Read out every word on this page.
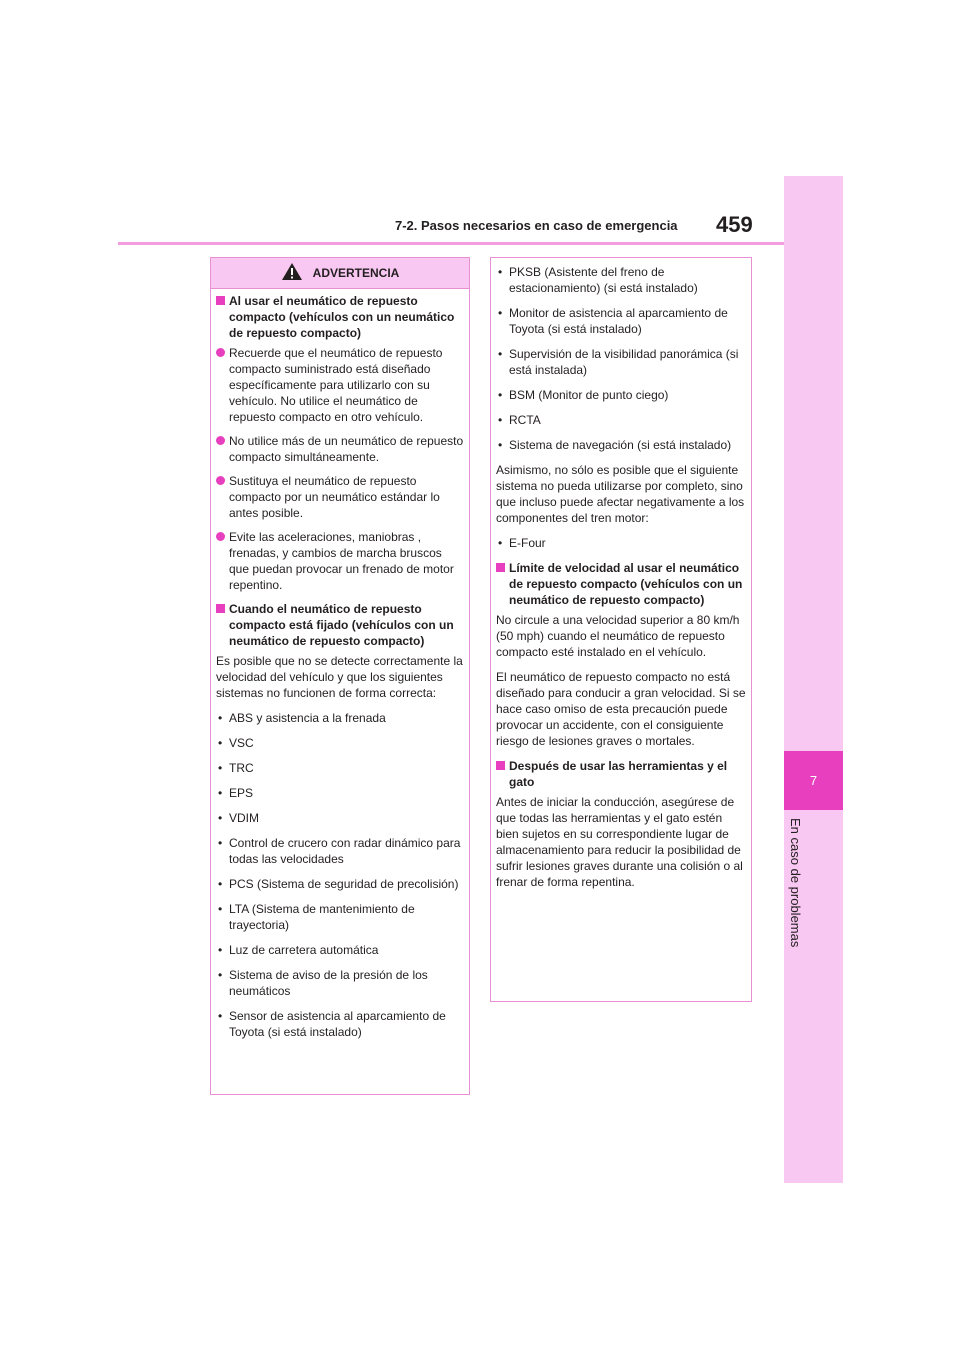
7
En caso de problemas
7-2. Pasos necesarios en caso de emergencia 459
ADVERTENCIA
Al usar el neumático de repuesto compacto (vehículos con un neumático de repuesto compacto)
Recuerde que el neumático de repuesto compacto suministrado está diseñado específicamente para utilizarlo con su vehículo. No utilice el neumático de repuesto compacto en otro vehículo.
No utilice más de un neumático de repuesto compacto simultáneamente.
Sustituya el neumático de repuesto compacto por un neumático estándar lo antes posible.
Evite las aceleraciones, maniobras , frenadas, y cambios de marcha bruscos que puedan provocar un frenado de motor repentino.
Cuando el neumático de repuesto compacto está fijado (vehículos con un neumático de repuesto compacto)
Es posible que no se detecte correctamente la velocidad del vehículo y que los siguientes sistemas no funcionen de forma correcta:
• ABS y asistencia a la frenada
• VSC
• TRC
• EPS
• VDIM
• Control de crucero con radar dinámico para todas las velocidades
• PCS (Sistema de seguridad de precolisión)
• LTA (Sistema de mantenimiento de trayectoria)
• Luz de carretera automática
• Sistema de aviso de la presión de los neumáticos
• Sensor de asistencia al aparcamiento de Toyota (si está instalado)
• PKSB (Asistente del freno de estacionamiento) (si está instalado)
• Monitor de asistencia al aparcamiento de Toyota (si está instalado)
• Supervisión de la visibilidad panorámica (si está instalada)
• BSM (Monitor de punto ciego)
• RCTA
• Sistema de navegación (si está instalado)
Asimismo, no sólo es posible que el siguiente sistema no pueda utilizarse por completo, sino que incluso puede afectar negativamente a los componentes del tren motor:
• E-Four
Límite de velocidad al usar el neumático de repuesto compacto (vehículos con un neumático de repuesto compacto)
No circule a una velocidad superior a 80 km/h (50 mph) cuando el neumático de repuesto compacto esté instalado en el vehículo.
El neumático de repuesto compacto no está diseñado para conducir a gran velocidad. Si se hace caso omiso de esta precaución puede provocar un accidente, con el consiguiente riesgo de lesiones graves o mortales.
Después de usar las herramientas y el gato
Antes de iniciar la conducción, asegúrese de que todas las herramientas y el gato estén bien sujetos en su correspondiente lugar de almacenamiento para reducir la posibilidad de sufrir lesiones graves durante una colisión o al frenar de forma repentina.
